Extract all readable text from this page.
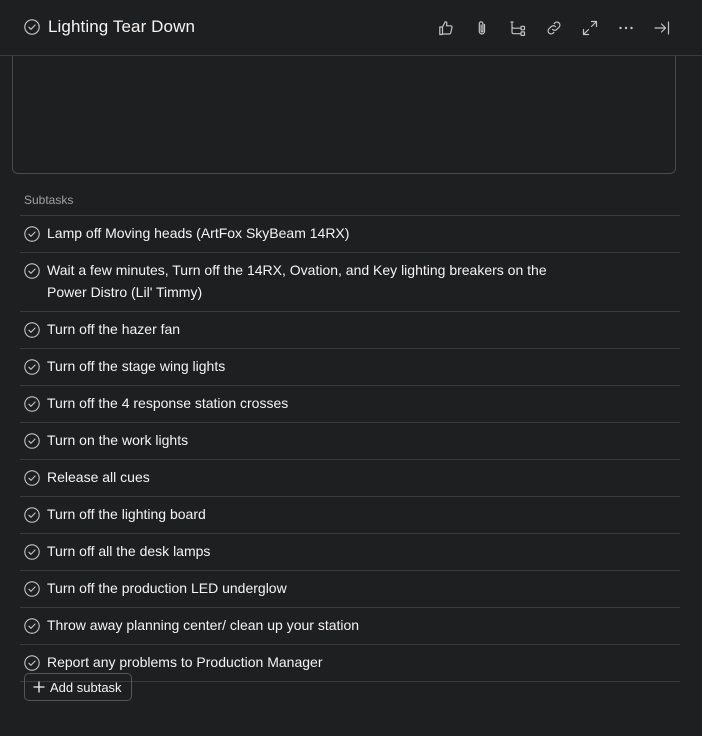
Lighting Tear Down
Subtasks
Lamp off Moving heads (ArtFox SkyBeam 14RX)
Wait a few minutes, Turn off the 14RX, Ovation, and Key lighting breakers on the Power Distro (Lil' Timmy)
Turn off the hazer fan
Turn off the stage wing lights
Turn off the 4 response station crosses
Turn on the work lights
Release all cues
Turn off the lighting board
Turn off all the desk lamps
Turn off the production LED underglow
Throw away planning center/ clean up your station
Report any problems to Production Manager
Add subtask
